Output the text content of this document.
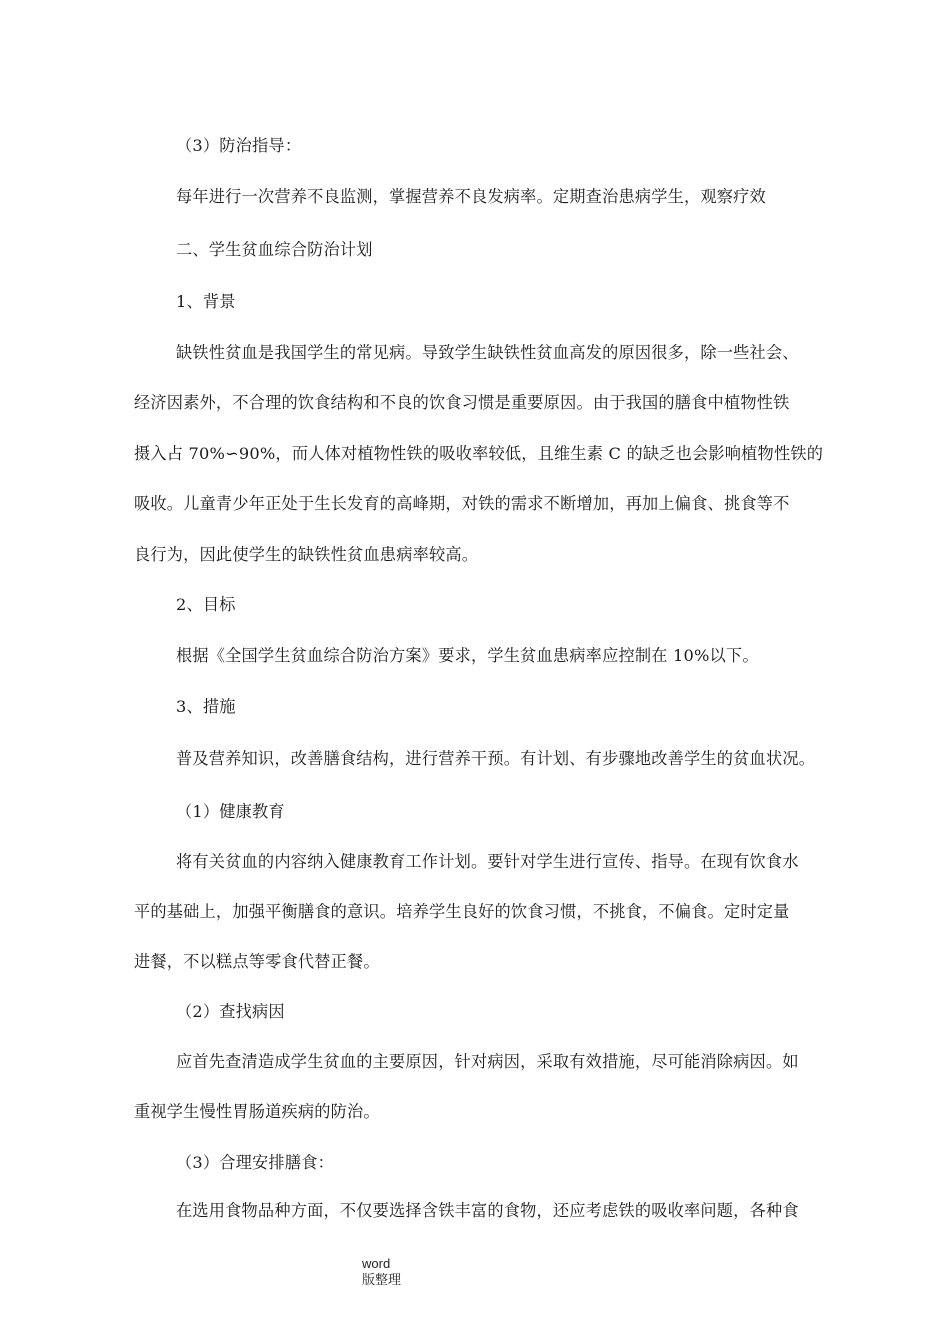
（3）防治指导：
每年进行一次营养不良监测，掌握营养不良发病率。定期查治患病学生，观察疗效
二、学生贫血综合防治计划
1、背景
缺铁性贫血是我国学生的常见病。导致学生缺铁性贫血高发的原因很多，除一些社会、
经济因素外，不合理的饮食结构和不良的饮食习惯是重要原因。由于我国的膳食中植物性铁
摄入占 70%∽90%，而人体对植物性铁的吸收率较低，且维生素 C 的缺乏也会影响植物性铁的
吸收。儿童青少年正处于生长发育的高峰期，对铁的需求不断增加，再加上偏食、挑食等不
良行为，因此使学生的缺铁性贫血患病率较高。
2、目标
根据《全国学生贫血综合防治方案》要求，学生贫血患病率应控制在 10%以下。
3、措施
普及营养知识，改善膳食结构，进行营养干预。有计划、有步骤地改善学生的贫血状况。
（1）健康教育
将有关贫血的内容纳入健康教育工作计划。要针对学生进行宣传、指导。在现有饮食水
平的基础上，加强平衡膳食的意识。培养学生良好的饮食习惯，不挑食，不偏食。定时定量
进餐，不以糕点等零食代替正餐。
（2）查找病因
应首先查清造成学生贫血的主要原因，针对病因，采取有效措施，尽可能消除病因。如
重视学生慢性胃肠道疾病的防治。
（3）合理安排膳食：
在选用食物品种方面，不仅要选择含铁丰富的食物，还应考虑铁的吸收率问题，各种食
word
版整理
